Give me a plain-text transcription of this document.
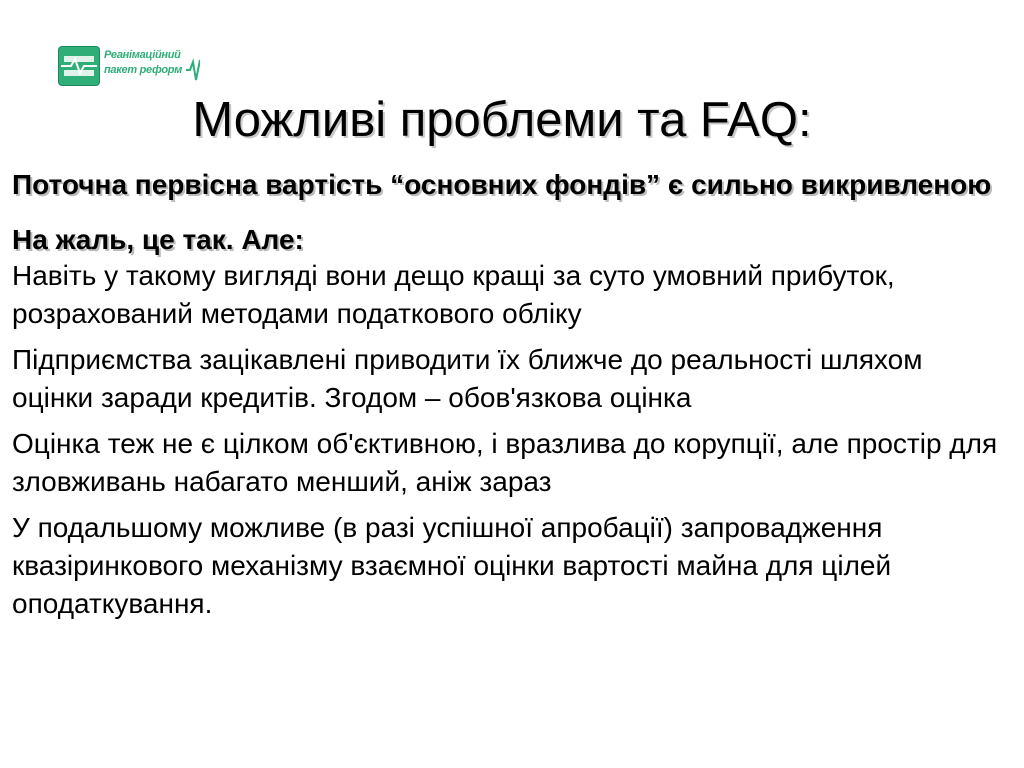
Реанімаційний
пакет реформ
Можливі проблеми та FAQ:

Поточна первісна вартість “основних фондів” є сильно викривленою

На жаль, це так. Але:

Навіть у такому вигляді вони дещо кращі за суто умовний прибуток, розрахований методами податкового обліку

Підприємства зацікавлені приводити їх ближче до реальності шляхом оцінки заради кредитів. Згодом – обов'язкова оцінка

Оцінка теж не є цілком об'єктивною, і вразлива до корупції, але простір для зловживань набагато менший, аніж зараз

У подальшому можливе (в разі успішної апробації) запровадження квазіринкового механізму взаємної оцінки вартості майна для цілей оподаткування.
